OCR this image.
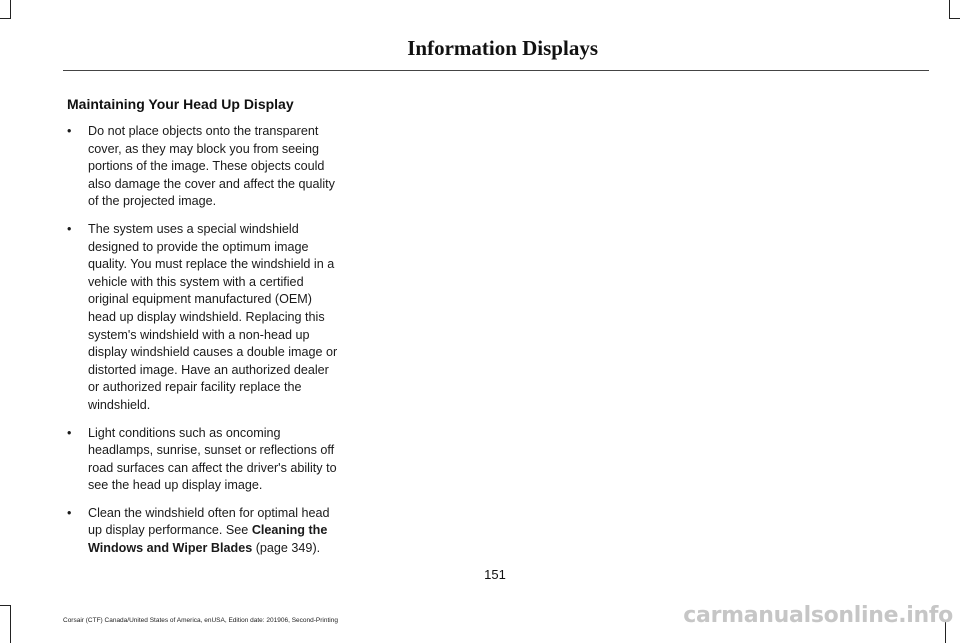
Information Displays
Maintaining Your Head Up Display
• Do not place objects onto the transparent cover, as they may block you from seeing portions of the image. These objects could also damage the cover and affect the quality of the projected image.
• The system uses a special windshield designed to provide the optimum image quality. You must replace the windshield in a vehicle with this system with a certified original equipment manufactured (OEM) head up display windshield. Replacing this system's windshield with a non-head up display windshield causes a double image or distorted image. Have an authorized dealer or authorized repair facility replace the windshield.
• Light conditions such as oncoming headlamps, sunrise, sunset or reflections off road surfaces can affect the driver's ability to see the head up display image.
• Clean the windshield often for optimal head up display performance. See Cleaning the Windows and Wiper Blades (page 349).
151
Corsair (CTF) Canada/United States of America, enUSA, Edition date: 201906, Second-Printing	carmanualsonline.info
